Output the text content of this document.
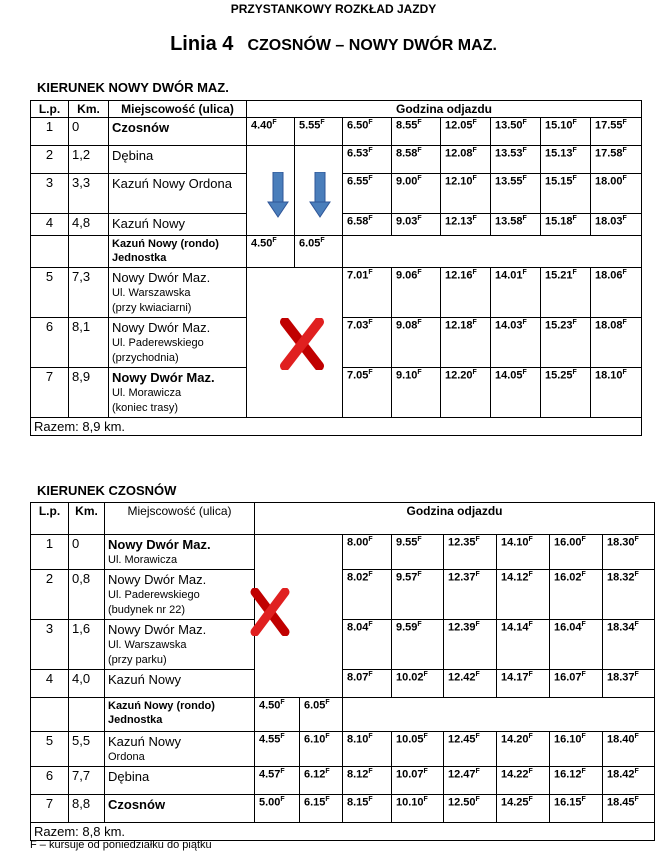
PRZYSTANKOWY ROZKŁAD JAZDY
Linia 4 CZOSNÓW – NOWY DWÓR MAZ.
KIERUNEK NOWY DWÓR MAZ.
L.p.	Km.	Miejscowość (ulica)	Godzina odjazdu							
1	0	Czosnów	$4.40^F$	$5.55^F$	$6.50^F$	$8.55^F$	$12.05^F$	$13.50^F$	$15.10^F$	$17.55^F$
2	1,2	Dębina			$6.53^F$	$8.58^F$	$12.08^F$	$13.53^F$	$15.13^F$	$17.58^F$
3	3,3	Kazuń Nowy Ordona			$6.55^F$	$9.00^F$	$12.10^F$	$13.55^F$	$15.15^F$	$18.00^F$
4	4,8	Kazuń Nowy			$6.58^F$	$9.03^F$	$12.13^F$	$13.58^F$	$15.18^F$	$18.03^F$

		Kazuń Nowy (rondo) Jednostka	$4.50^F$	$6.05^F$	
5	7,3	Nowy Dwór Maz.
Ul. Warszawska
(przy kwiaciarni)			$7.01^F$	$9.06^F$	$12.16^F$	$14.01^F$	$15.21^F$	$18.06^F$
6	8,1	Nowy Dwór Maz.
Ul. Paderewskiego
(przychodnia)			$7.03^F$	$9.08^F$	$12.18^F$	$14.03^F$	$15.23^F$	$18.08^F$
7	8,9	Nowy Dwór Maz.
Ul. Morawicza
(koniec trasy)			$7.05^F$	$9.10^F$	$12.20^F$	$14.05^F$	$15.25^F$	$18.10^F$
Razem: 8,9 km.										
KIERUNEK CZOSNÓW
L.p.	Km.	Miejscowość (ulica)	Godzina odjazdu							
1	0	Nowy Dwór Maz.
Ul. Morawicza			$8.00^F$	$9.55^F$	$12.35^F$	$14.10^F$	$16.00^F$	$18.30^F$
2	0,8	Nowy Dwór Maz.
Ul. Paderewskiego
(budynek nr 22)			$8.02^F$	$9.57^F$	$12.37^F$	$14.12^F$	$16.02^F$	$18.32^F$
3	1,6	Nowy Dwór Maz.
Ul. Warszawska
(przy parku)			$8.04^F$	$9.59^F$	$12.39^F$	$14.14^F$	$16.04^F$	$18.34^F$
4	4,0	Kazuń Nowy			$8.07^F$	$10.02^F$	$12.42^F$	$14.17^F$	$16.07^F$	$18.37^F$

		Kazuń Nowy (rondo) Jednostka	$4.50^F$	$6.05^F$	
5	5,5	Kazuń Nowy
Ordona	$4.55^F$	$6.10^F$	$8.10^F$	$10.05^F$	$12.45^F$	$14.20^F$	$16.10^F$	$18.40^F$
6	7,7	Dębina	$4.57^F$	$6.12^F$	$8.12^F$	$10.07^F$	$12.47^F$	$14.22^F$	$16.12^F$	$18.42^F$
7	8,8	Czosnów	$5.00^F$	$6.15^F$	$8.15^F$	$10.10^F$	$12.50^F$	$14.25^F$	$16.15^F$	$18.45^F$
Razem: 8,8 km.										
F – kursuje od poniedziałku do piątku
